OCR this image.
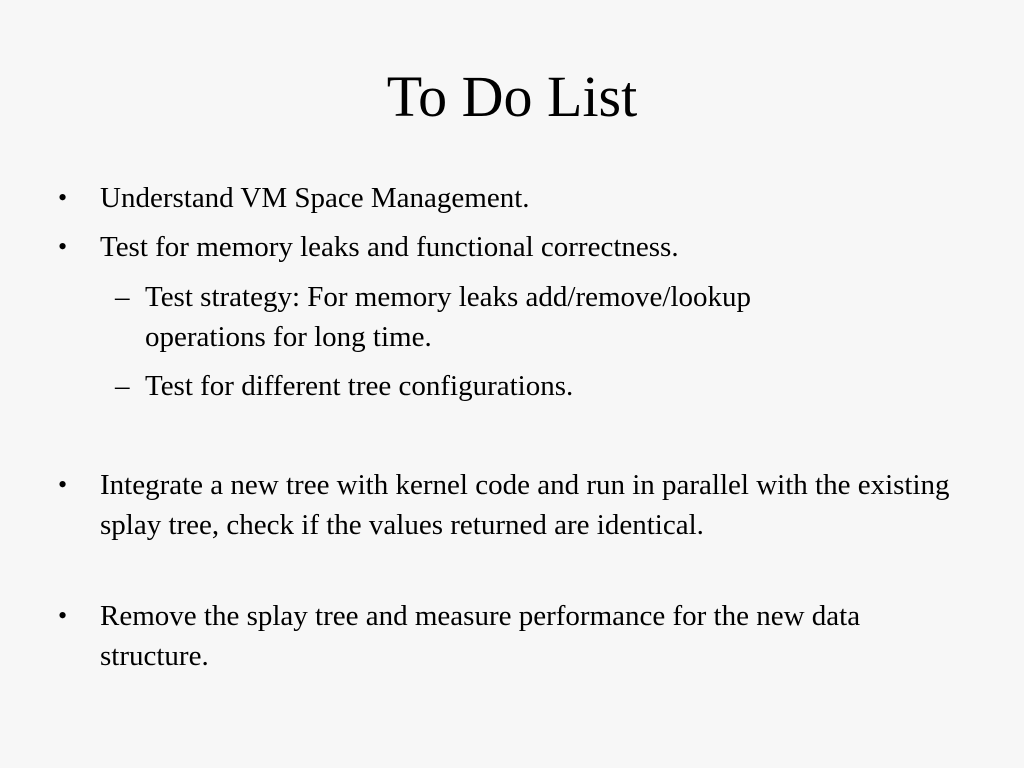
To Do List
• Understand VM Space Management.
• Test for memory leaks and functional correctness.
– Test strategy: For memory leaks add/remove/lookup operations for long time.
– Test for different tree configurations.
• Integrate a new tree with kernel code and run in parallel with the existing splay tree, check if the values returned are identical.
• Remove the splay tree and measure performance for the new data structure.
